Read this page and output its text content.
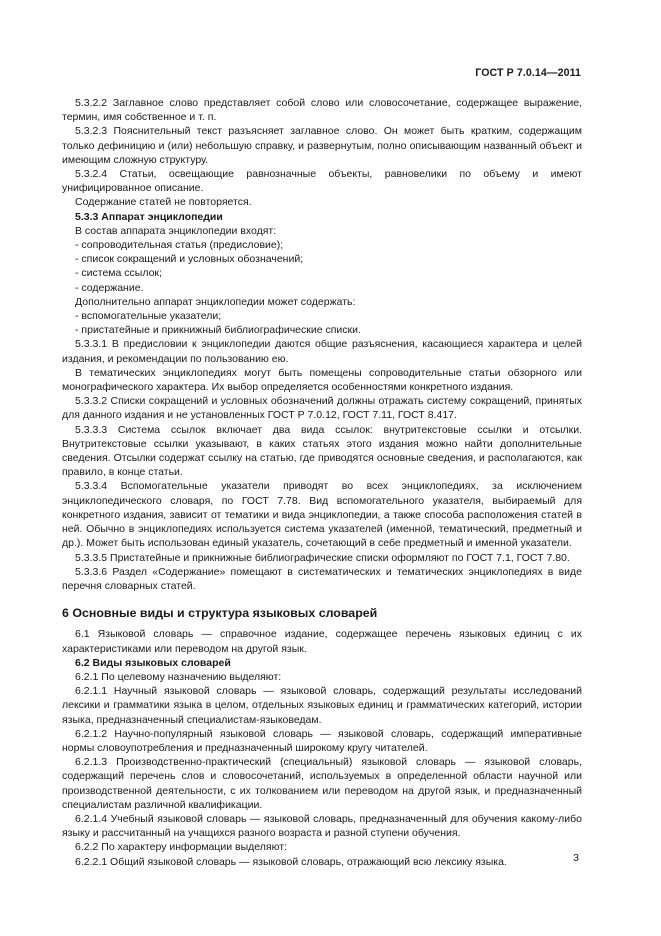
ГОСТ Р 7.0.14—2011

5.3.2.2 Заглавное слово представляет собой слово или словосочетание, содержащее выражение, термин, имя собственное и т. п.

5.3.2.3 Пояснительный текст разъясняет заглавное слово. Он может быть кратким, содержащим только дефиницию и (или) небольшую справку, и развернутым, полно описывающим названный объект и имеющим сложную структуру.

5.3.2.4 Статьи, освещающие равнозначные объекты, равновелики по объему и имеют унифицированное описание.

Содержание статей не повторяется.

5.3.3 Аппарат энциклопедии

В состав аппарата энциклопедии входят:

- сопроводительная статья (предисловие);

- список сокращений и условных обозначений;

- система ссылок;

- содержание.

Дополнительно аппарат энциклопедии может содержать:

- вспомогательные указатели;

- пристатейные и прикнижный библиографические списки.

5.3.3.1 В предисловии к энциклопедии даются общие разъяснения, касающиеся характера и целей издания, и рекомендации по пользованию ею.

В тематических энциклопедиях могут быть помещены сопроводительные статьи обзорного или монографического характера. Их выбор определяется особенностями конкретного издания.

5.3.3.2 Списки сокращений и условных обозначений должны отражать систему сокращений, принятых для данного издания и не установленных ГОСТ Р 7.0.12, ГОСТ 7.11, ГОСТ 8.417.

5.3.3.3 Система ссылок включает два вида ссылок: внутритекстовые ссылки и отсылки. Внутритекстовые ссылки указывают, в каких статьях этого издания можно найти дополнительные сведения. Отсылки содержат ссылку на статью, где приводятся основные сведения, и располагаются, как правило, в конце статьи.

5.3.3.4 Вспомогательные указатели приводят во всех энциклопедиях, за исключением энциклопедического словаря, по ГОСТ 7.78. Вид вспомогательного указателя, выбираемый для конкретного издания, зависит от тематики и вида энциклопедии, а также способа расположения статей в ней. Обычно в энциклопедиях используется система указателей (именной, тематический, предметный и др.). Может быть использован единый указатель, сочетающий в себе предметный и именной указатели.

5.3.3.5 Пристатейные и прикнижные библиографические списки оформляют по ГОСТ 7.1, ГОСТ 7.80.

5.3.3.6 Раздел «Содержание» помещают в систематических и тематических энциклопедиях в виде перечня словарных статей.

6 Основные виды и структура языковых словарей

6.1 Языковой словарь — справочное издание, содержащее перечень языковых единиц с их характеристиками или переводом на другой язык.

6.2 Виды языковых словарей

6.2.1 По целевому назначению выделяют:

6.2.1.1 Научный языковой словарь — языковой словарь, содержащий результаты исследований лексики и грамматики языка в целом, отдельных языковых единиц и грамматических категорий, истории языка, предназначенный специалистам-языковедам.

6.2.1.2 Научно-популярный языковой словарь — языковой словарь, содержащий императивные нормы словоупотребления и предназначенный широкому кругу читателей.

6.2.1.3 Производственно-практический (специальный) языковой словарь — языковой словарь, содержащий перечень слов и словосочетаний, используемых в определенной области научной или производственной деятельности, с их толкованием или переводом на другой язык, и предназначенный специалистам различной квалификации.

6.2.1.4 Учебный языковой словарь — языковой словарь, предназначенный для обучения какому-либо языку и рассчитанный на учащихся разного возраста и разной ступени обучения.

6.2.2 По характеру информации выделяют:

6.2.2.1 Общий языковой словарь — языковой словарь, отражающий всю лексику языка.	3
